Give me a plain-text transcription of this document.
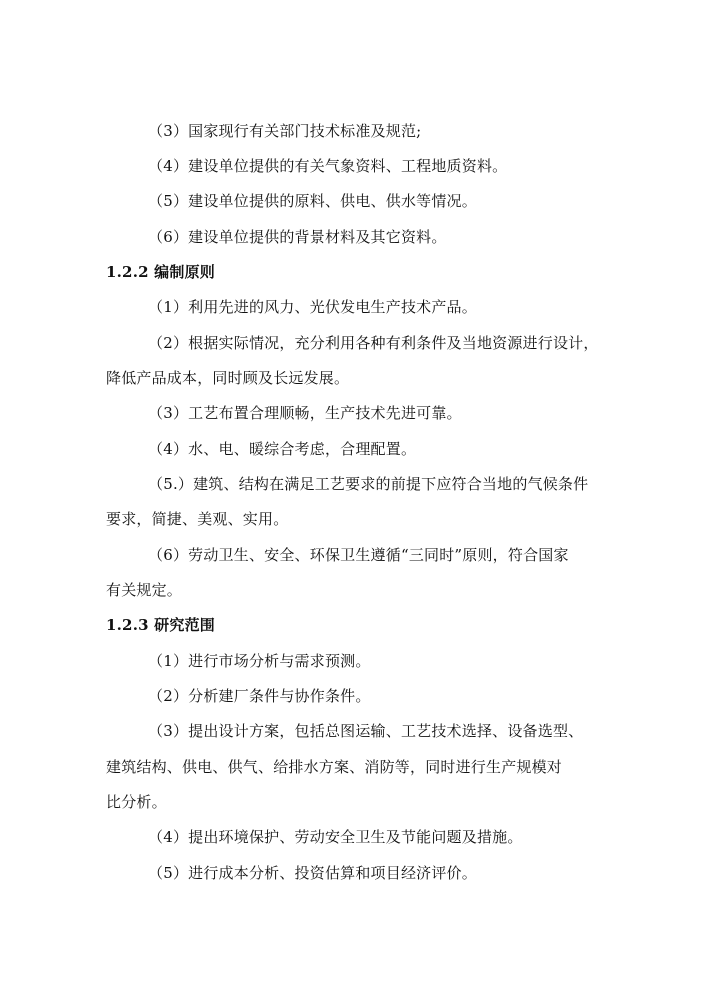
（3）国家现行有关部门技术标准及规范;
（4）建设单位提供的有关气象资料、工程地质资料。
（5）建设单位提供的原料、供电、供水等情况。
（6）建设单位提供的背景材料及其它资料。
1.2.2 编制原则
（1）利用先进的风力、光伏发电生产技术产品。
（2）根据实际情况，充分利用各种有利条件及当地资源进行设计，
降低产品成本，同时顾及长远发展。
（3）工艺布置合理顺畅，生产技术先进可靠。
（4）水、电、暖综合考虑，合理配置。
（5.）建筑、结构在满足工艺要求的前提下应符合当地的气候条件
要求，简捷、美观、实用。
（6）劳动卫生、安全、环保卫生遵循“三同时”原则，符合国家
有关规定。
1.2.3 研究范围
（1）进行市场分析与需求预测。
（2）分析建厂条件与协作条件。
（3）提出设计方案，包括总图运输、工艺技术选择、设备选型、
建筑结构、供电、供气、给排水方案、消防等，同时进行生产规模对
比分析。
（4）提出环境保护、劳动安全卫生及节能问题及措施。
（5）进行成本分析、投资估算和项目经济评价。
